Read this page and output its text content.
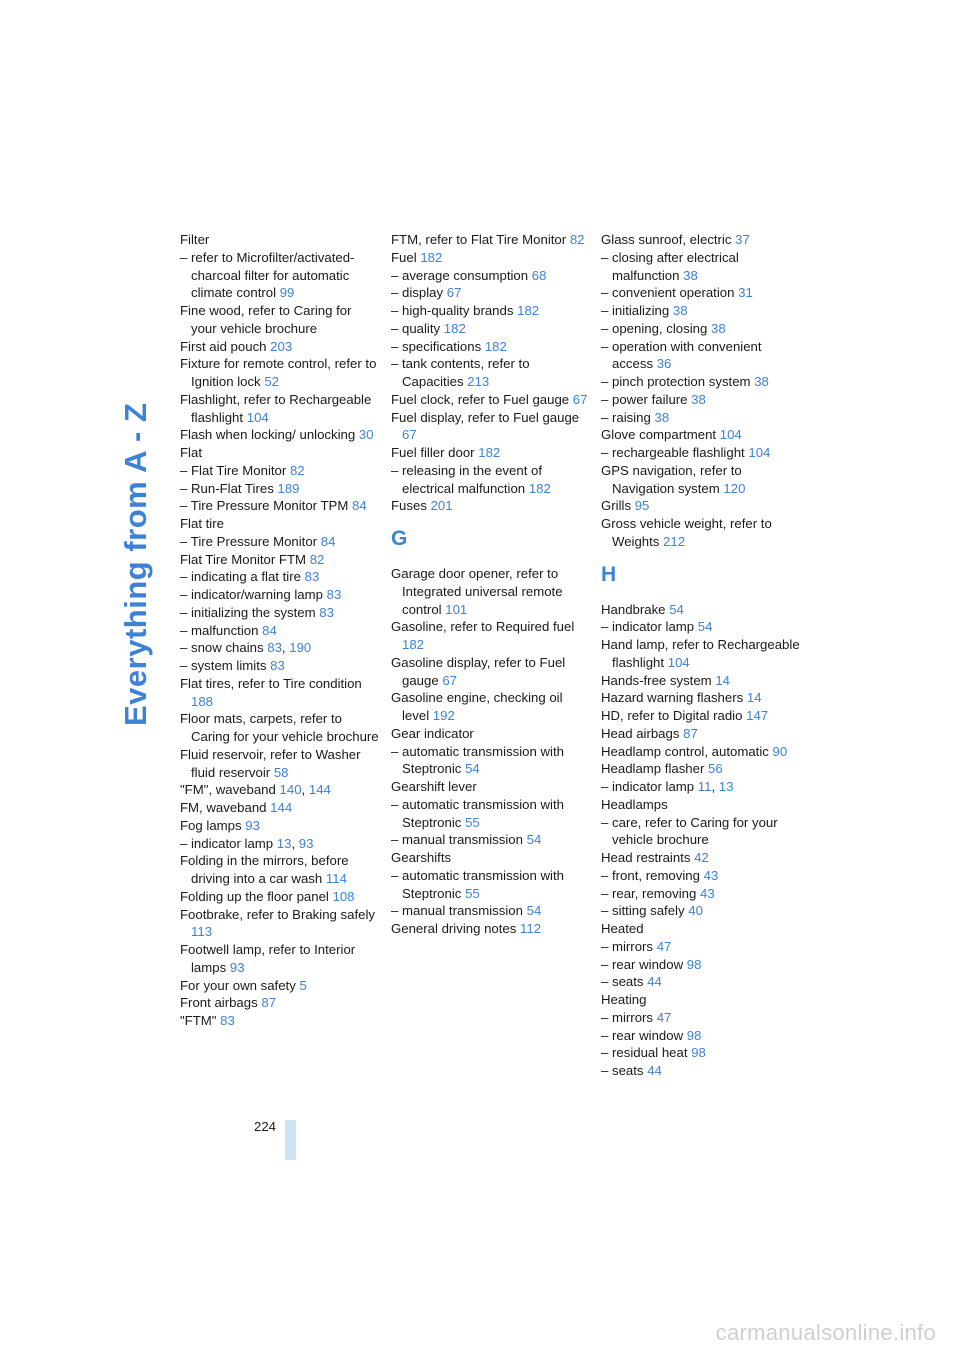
Everything from A - Z
Filter
– refer to Microfilter/activated-charcoal filter for automatic climate control 99
Fine wood, refer to Caring for your vehicle brochure
First aid pouch 203
Fixture for remote control, refer to Ignition lock 52
Flashlight, refer to Rechargeable flashlight 104
Flash when locking/ unlocking 30
Flat
– Flat Tire Monitor 82
– Run-Flat Tires 189
– Tire Pressure Monitor TPM 84
Flat tire
– Tire Pressure Monitor 84
Flat Tire Monitor FTM 82
– indicating a flat tire 83
– indicator/warning lamp 83
– initializing the system 83
– malfunction 84
– snow chains 83, 190
– system limits 83
Flat tires, refer to Tire condition 188
Floor mats, carpets, refer to Caring for your vehicle brochure
Fluid reservoir, refer to Washer fluid reservoir 58
"FM", waveband 140, 144
FM, waveband 144
Fog lamps 93
– indicator lamp 13, 93
Folding in the mirrors, before driving into a car wash 114
Folding up the floor panel 108
Footbrake, refer to Braking safely 113
Footwell lamp, refer to Interior lamps 93
For your own safety 5
Front airbags 87
"FTM" 83
FTM, refer to Flat Tire Monitor 82
Fuel 182
– average consumption 68
– display 67
– high-quality brands 182
– quality 182
– specifications 182
– tank contents, refer to Capacities 213
Fuel clock, refer to Fuel gauge 67
Fuel display, refer to Fuel gauge 67
Fuel filler door 182
– releasing in the event of electrical malfunction 182
Fuses 201
G
Garage door opener, refer to Integrated universal remote control 101
Gasoline, refer to Required fuel 182
Gasoline display, refer to Fuel gauge 67
Gasoline engine, checking oil level 192
Gear indicator
– automatic transmission with Steptronic 54
Gearshift lever
– automatic transmission with Steptronic 55
– manual transmission 54
Gearshifts
– automatic transmission with Steptronic 55
– manual transmission 54
General driving notes 112
Glass sunroof, electric 37
– closing after electrical malfunction 38
– convenient operation 31
– initializing 38
– opening, closing 38
– operation with convenient access 36
– pinch protection system 38
– power failure 38
– raising 38
Glove compartment 104
– rechargeable flashlight 104
GPS navigation, refer to Navigation system 120
Grills 95
Gross vehicle weight, refer to Weights 212
H
Handbrake 54
– indicator lamp 54
Hand lamp, refer to Rechargeable flashlight 104
Hands-free system 14
Hazard warning flashers 14
HD, refer to Digital radio 147
Head airbags 87
Headlamp control, automatic 90
Headlamp flasher 56
– indicator lamp 11, 13
Headlamps
– care, refer to Caring for your vehicle brochure
Head restraints 42
– front, removing 43
– rear, removing 43
– sitting safely 40
Heated
– mirrors 47
– rear window 98
– seats 44
Heating
– mirrors 47
– rear window 98
– residual heat 98
– seats 44
224
carmanualsonline.info
